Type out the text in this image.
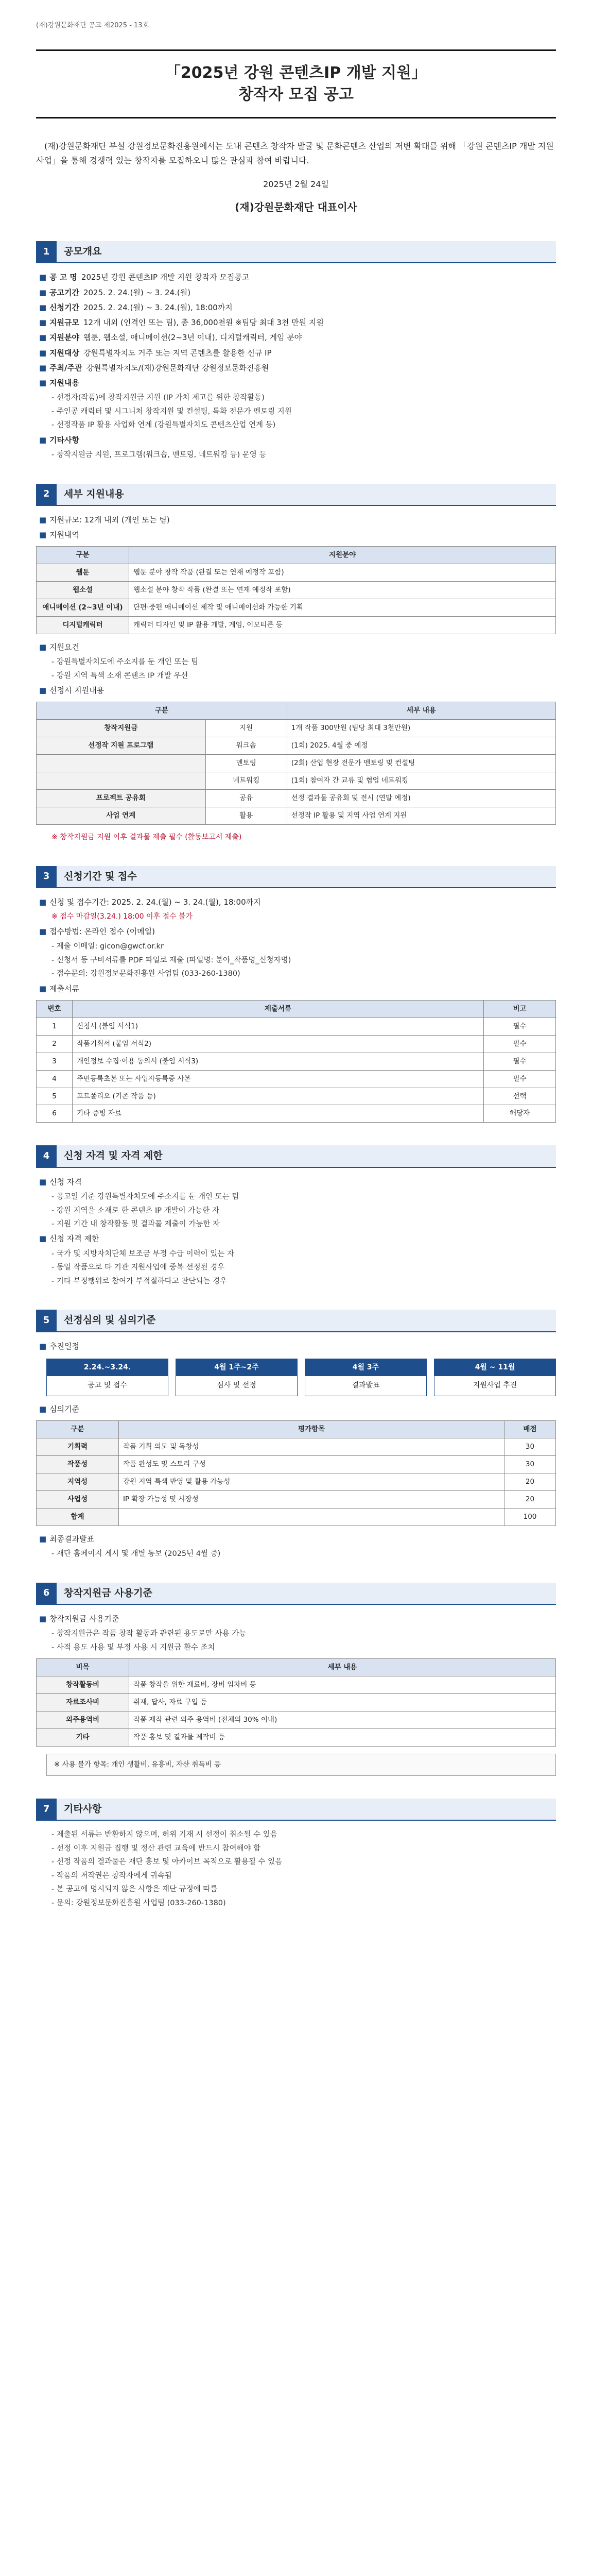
(재)강원문화재단 공고 제2025 - 13호
「2025년 강원 콘텐츠IP 개발 지원」
창작자 모집 공고

(재)강원문화재단 부설 강원정보문화진흥원에서는 도내 콘텐츠 창작자 발굴 및 문화콘텐츠 산업의 저변 확대를 위해 「강원 콘텐츠IP 개발 지원사업」을 통해 경쟁력 있는 창작자를 모집하오니 많은 관심과 참여 바랍니다.

2025년 2월 24일
(재)강원문화재단 대표이사
1	공모개요
■ 공 고 명 2025년 강원 콘텐츠IP 개발 지원 창작자 모집공고
■ 공고기간 2025. 2. 24.(월) ~ 3. 24.(월)
■ 신청기간 2025. 2. 24.(월) ~ 3. 24.(월), 18:00까지
■ 지원규모 12개 내외 (인격인 또는 팀), 총 36,000천원 ※팀당 최대 3천 만원 지원
■ 지원분야 웹툰, 웹소설, 애니메이션(2~3년 이내), 디지털캐릭터, 게임 분야
■ 지원대상 강원특별자치도 거주 또는 지역 콘텐츠를 활용한 신규 IP
■ 주최/주관 강원특별자치도/(재)강원문화재단 강원정보문화진흥원
■ 지원내용
- 선정자(작품)에 창작지원금 지원 (IP 가치 제고를 위한 창작활동)
- 주인공 캐릭터 및 시그니처 창작지원 및 컨설팅, 특화 전문가 멘토링 지원
- 선정작품 IP 활용 사업화 연계 (강원특별자치도 콘텐츠산업 연계 등)
■ 기타사항
- 창작지원금 지원, 프로그램(워크숍, 멘토링, 네트워킹 등) 운영 등
2	세부 지원내용
■ 지원규모: 12개 내외 (개인 또는 팀)
■ 지원내역
구분	지원분야
웹툰	웹툰 분야 창작 작품 (완결 또는 연재 예정작 포함)
웹소설	웹소설 분야 창작 작품 (완결 또는 연재 예정작 포함)
애니메이션 (2~3년 이내)	단편·중편 애니메이션 제작 및 애니메이션화 가능한 기획
디지털캐릭터	캐릭터 디자인 및 IP 활용 개발, 게임, 이모티콘 등
■ 지원요건
- 강원특별자치도에 주소지를 둔 개인 또는 팀
- 강원 지역 특색 소재 콘텐츠 IP 개발 우선
■ 선정시 지원내용
구분		세부 내용
창작지원금	지원	1개 작품 300만원 (팀당 최대 3천만원)
선정작 지원 프로그램	워크숍	(1회) 2025. 4월 중 예정
	멘토링	(2회) 산업 현장 전문가 멘토링 및 컨설팅
	네트워킹	(1회) 참여자 간 교류 및 협업 네트워킹
프로젝트 공유회	공유	선정 결과물 공유회 및 전시 (연말 예정)
사업 연계	활용	선정작 IP 활용 및 지역 사업 연계 지원
※ 창작지원금 지원 이후 결과물 제출 필수 (활동보고서 제출)
3	신청기간 및 접수
■ 신청 및 접수기간: 2025. 2. 24.(월) ~ 3. 24.(월), 18:00까지
※ 접수 마감일(3.24.) 18:00 이후 접수 불가
■ 접수방법: 온라인 접수 (이메일)
- 제출 이메일: gicon@gwcf.or.kr
- 신청서 등 구비서류를 PDF 파일로 제출 (파일명: 분야_작품명_신청자명)
- 접수문의: 강원정보문화진흥원 사업팀 (033-260-1380)
■ 제출서류
번호	제출서류	비고
1	신청서 (붙임 서식1)	필수
2	작품기획서 (붙임 서식2)	필수
3	개인정보 수집·이용 동의서 (붙임 서식3)	필수
4	주민등록초본 또는 사업자등록증 사본	필수
5	포트폴리오 (기존 작품 등)	선택
6	기타 증빙 자료	해당자
4	신청 자격 및 자격 제한
■ 신청 자격
- 공고일 기준 강원특별자치도에 주소지를 둔 개인 또는 팀
- 강원 지역을 소재로 한 콘텐츠 IP 개발이 가능한 자
- 지원 기간 내 창작활동 및 결과물 제출이 가능한 자
■ 신청 자격 제한
- 국가 및 지방자치단체 보조금 부정 수급 이력이 있는 자
- 동일 작품으로 타 기관 지원사업에 중복 선정된 경우
- 기타 부정행위로 참여가 부적절하다고 판단되는 경우
5	선정심의 및 심의기준
■ 추진일정
2.24.~3.24.
공고 및 접수
4월 1주~2주
심사 및 선정
4월 3주
결과발표
4월 ~ 11월
지원사업 추진
■ 심의기준
구분	평가항목	배점
기획력	작품 기획 의도 및 독창성	30
작품성	작품 완성도 및 스토리 구성	30
지역성	강원 지역 특색 반영 및 활용 가능성	20
사업성	IP 확장 가능성 및 시장성	20
합계		100
■ 최종결과발표
- 재단 홈페이지 게시 및 개별 통보 (2025년 4월 중)
6	창작지원금 사용기준
■ 창작지원금 사용기준
- 창작지원금은 작품 창작 활동과 관련된 용도로만 사용 가능
- 사적 용도 사용 및 부정 사용 시 지원금 환수 조치
비목	세부 내용
창작활동비	작품 창작을 위한 재료비, 장비 임차비 등
자료조사비	취재, 답사, 자료 구입 등
외주용역비	작품 제작 관련 외주 용역비 (전체의 30% 이내)
기타	작품 홍보 및 결과물 제작비 등
※ 사용 불가 항목: 개인 생활비, 유흥비, 자산 취득비 등
7	기타사항
- 제출된 서류는 반환하지 않으며, 허위 기재 시 선정이 취소될 수 있음
- 선정 이후 지원금 집행 및 정산 관련 교육에 반드시 참여해야 함
- 선정 작품의 결과물은 재단 홍보 및 아카이브 목적으로 활용될 수 있음
- 작품의 저작권은 창작자에게 귀속됨
- 본 공고에 명시되지 않은 사항은 재단 규정에 따름
- 문의: 강원정보문화진흥원 사업팀 (033-260-1380)
